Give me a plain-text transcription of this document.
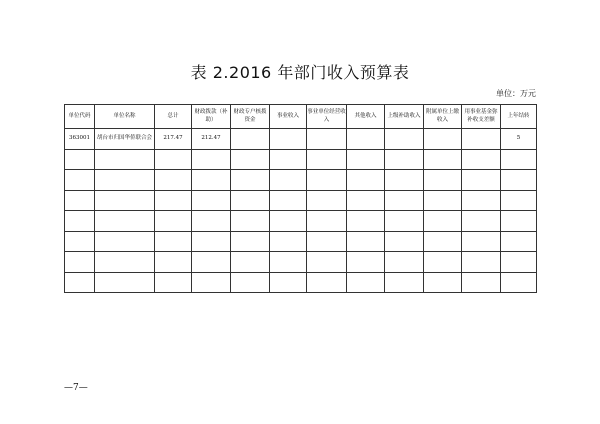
表 2.2016 年部门收入预算表
单位：万元
单位代码	单位名称	总计	财政拨款（补助）	财政专户核拨资金	事业收入	事业单位经营收入	其他收入	上级补助收入	附属单位上缴收入	用事业基金弥补收支差额	上年结转
363001	胡台市归国华侨联合会	217.47	212.47								5

—7—
